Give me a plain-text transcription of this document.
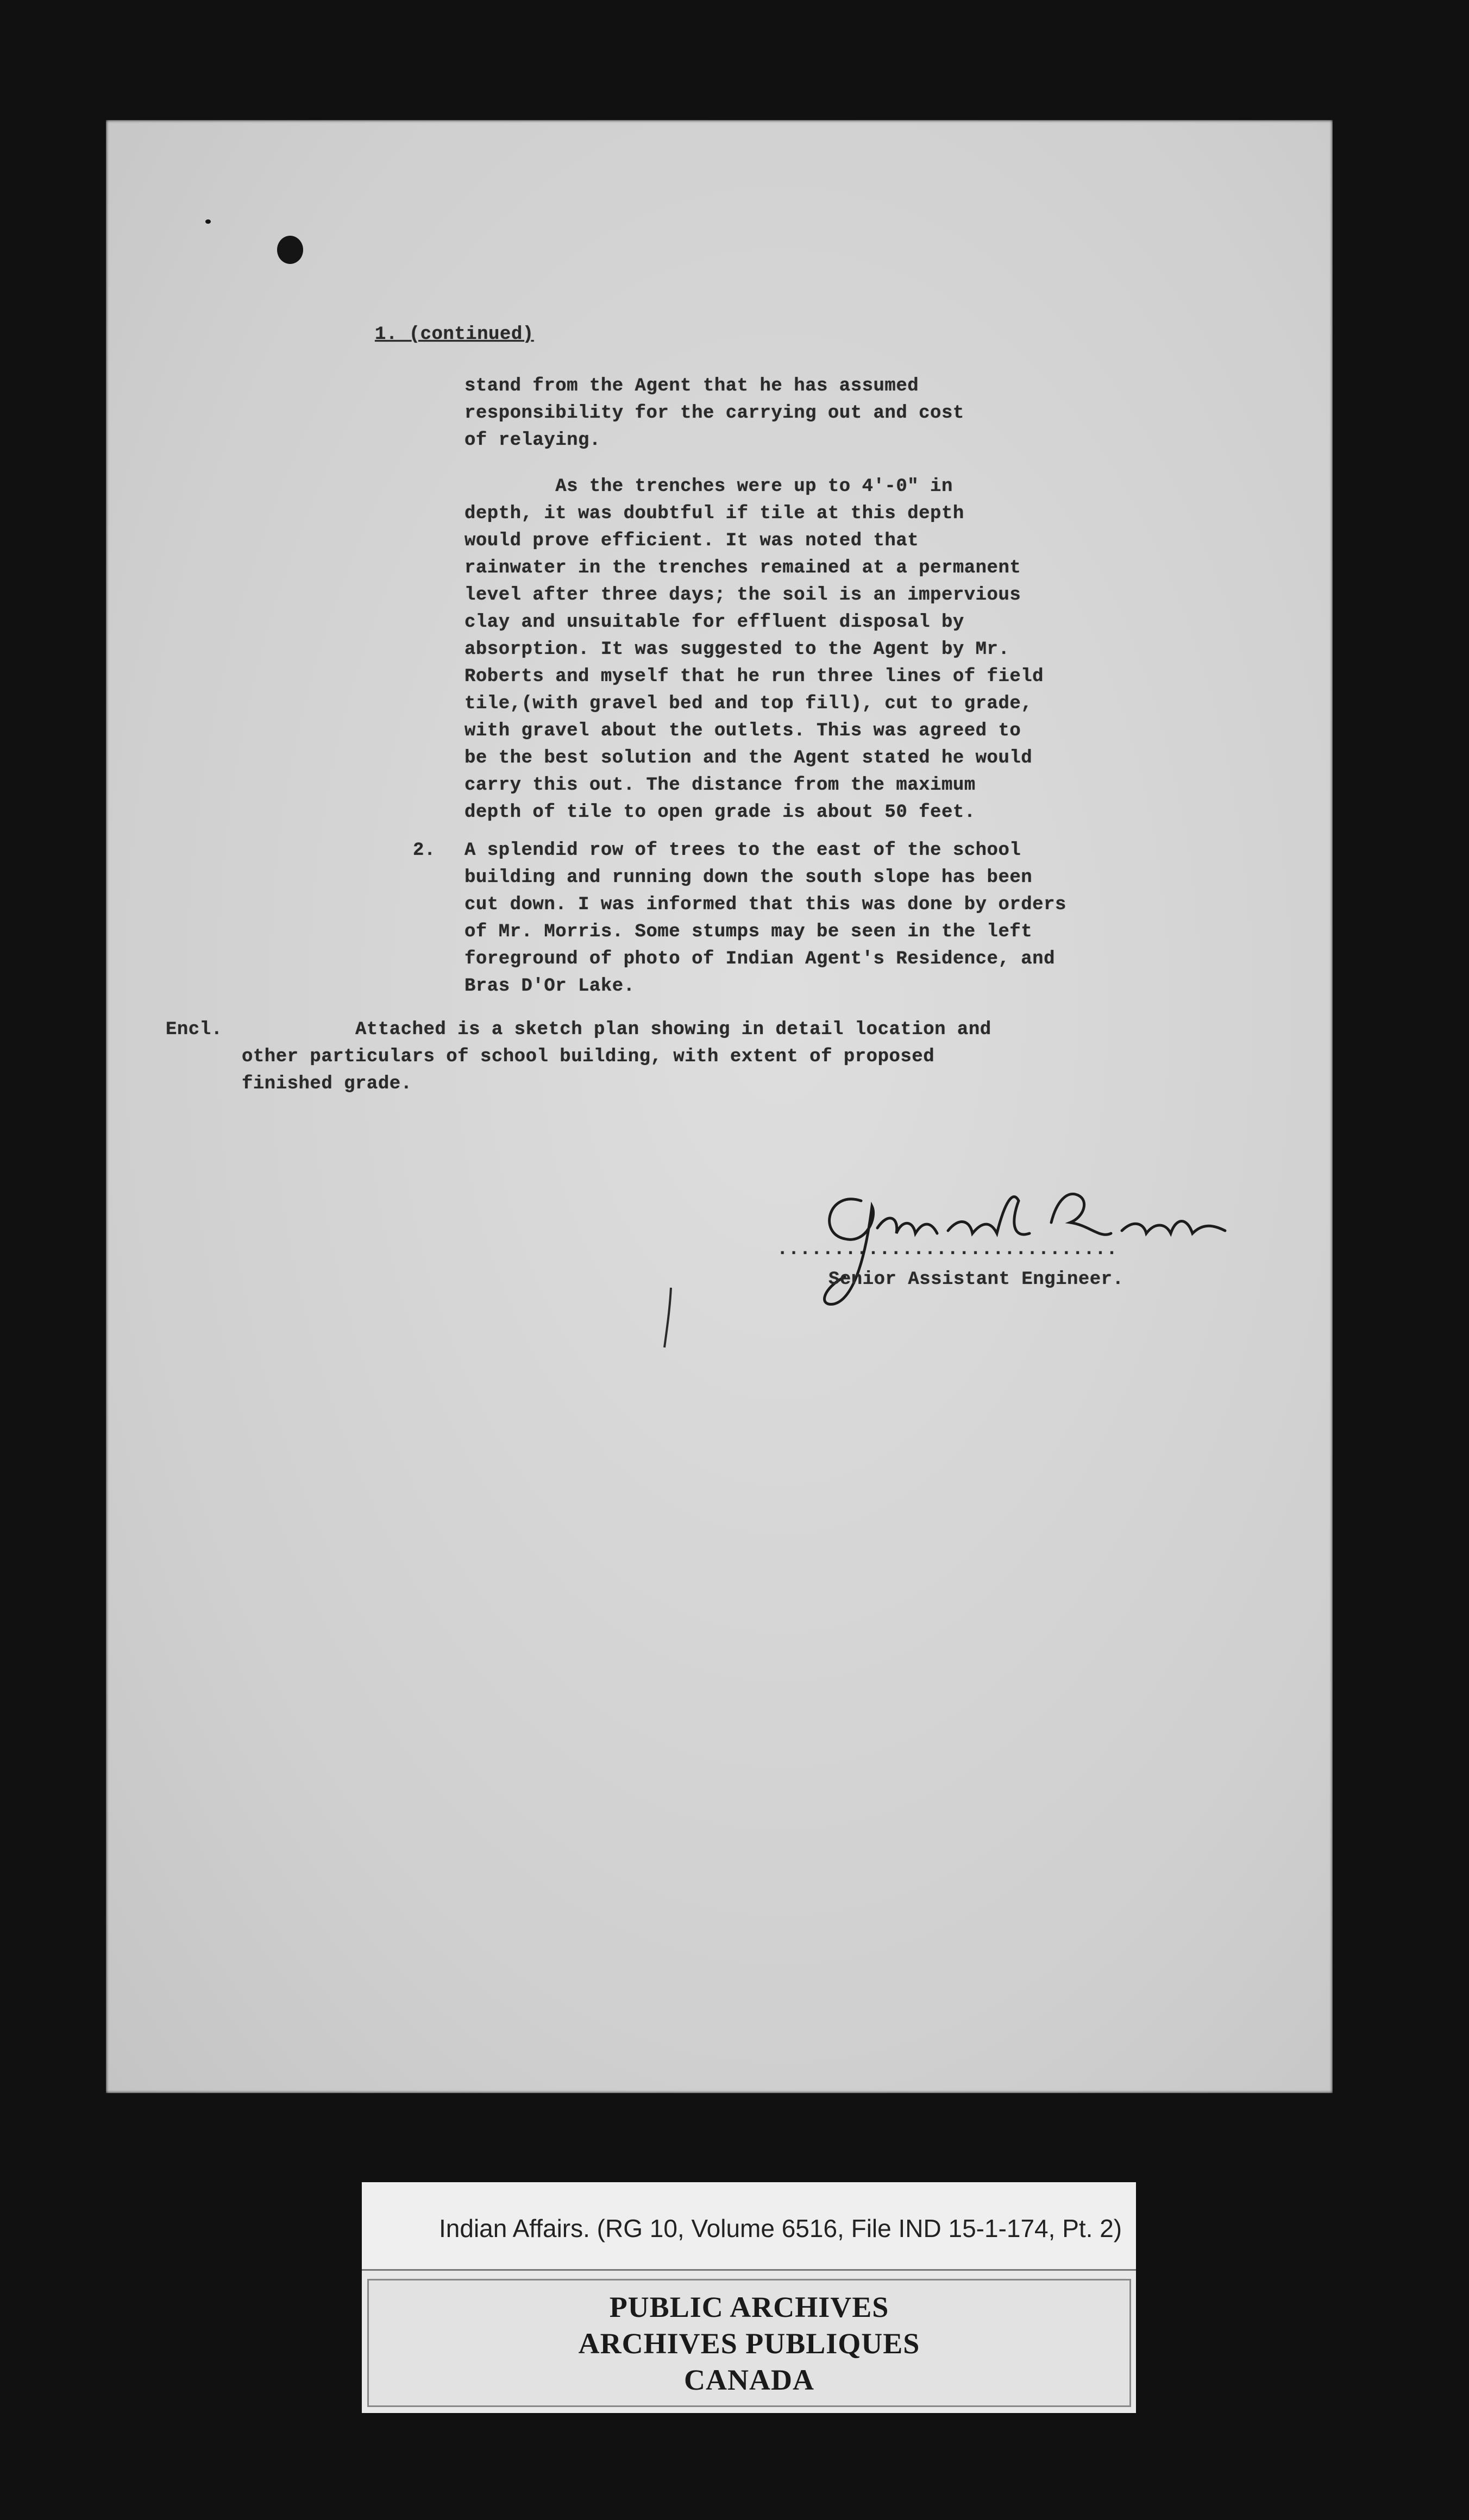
1. (continued)
stand from the Agent that he has assumed
responsibility for the carrying out and cost
of relaying.
As the trenches were up to 4'-0" in
depth, it was doubtful if tile at this depth
would prove efficient. It was noted that
rainwater in the trenches remained at a permanent
level after three days; the soil is an impervious
clay and unsuitable for effluent disposal by
absorption. It was suggested to the Agent by Mr.
Roberts and myself that he run three lines of field
tile,(with gravel bed and top fill), cut to grade,
with gravel about the outlets. This was agreed to
be the best solution and the Agent stated he would
carry this out. The distance from the maximum
depth of tile to open grade is about 50 feet.
2. A splendid row of trees to the east of the school
building and running down the south slope has been
cut down. I was informed that this was done by orders
of Mr. Morris. Some stumps may be seen in the left
foreground of photo of Indian Agent's Residence, and
Bras D'Or Lake.
Encl. Attached is a sketch plan showing in detail location and
other particulars of school building, with extent of proposed
finished grade.
..............................
Garnet Rankin
Senior Assistant Engineer.
Indian Affairs. (RG 10, Volume 6516, File IND 15-1-174, Pt. 2)
PUBLIC ARCHIVES
ARCHIVES PUBLIQUES
CANADA
